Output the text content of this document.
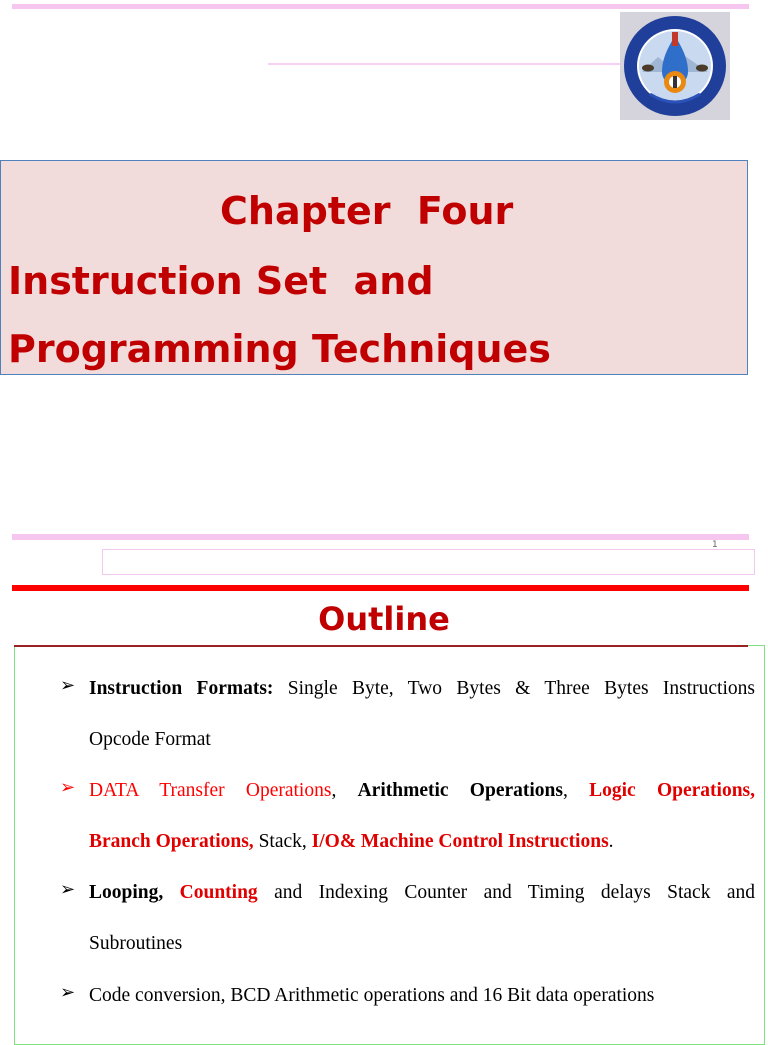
Chapter  Four
Instruction Set  and
Programming Techniques
1
Outline
➢ Instruction Formats: Single Byte, Two Bytes & Three Bytes Instructions
Opcode Format
➢ DATA Transfer Operations, Arithmetic Operations, Logic Operations,
Branch Operations, Stack, I/O& Machine Control Instructions.
➢ Looping, Counting and Indexing Counter and Timing delays Stack and
Subroutines
➢ Code conversion, BCD Arithmetic operations and 16 Bit data operations
